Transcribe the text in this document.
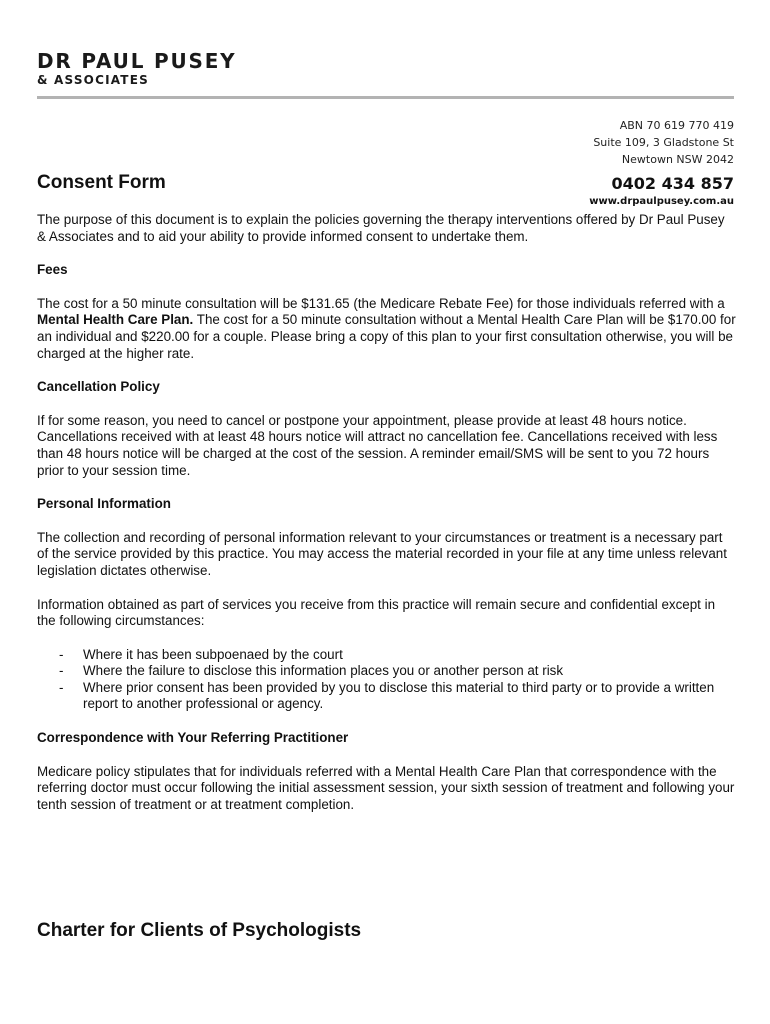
DR PAUL PUSEY
& ASSOCIATES
ABN 70 619 770 419
Suite 109, 3 Gladstone St
Newtown NSW 2042
0402 434 857
www.drpaulpusey.com.au
Consent Form

The purpose of this document is to explain the policies governing the therapy interventions offered by Dr Paul Pusey & Associates and to aid your ability to provide informed consent to undertake them.

Fees

The cost for a 50 minute consultation will be $131.65 (the Medicare Rebate Fee) for those individuals referred with a Mental Health Care Plan. The cost for a 50 minute consultation without a Mental Health Care Plan will be $170.00 for an individual and $220.00 for a couple. Please bring a copy of this plan to your first consultation otherwise, you will be charged at the higher rate.

Cancellation Policy

If for some reason, you need to cancel or postpone your appointment, please provide at least 48 hours notice. Cancellations received with at least 48 hours notice will attract no cancellation fee. Cancellations received with less than 48 hours notice will be charged at the cost of the session. A reminder email/SMS will be sent to you 72 hours prior to your session time.

Personal Information

The collection and recording of personal information relevant to your circumstances or treatment is a necessary part of the service provided by this practice. You may access the material recorded in your file at any time unless relevant legislation dictates otherwise.

Information obtained as part of services you receive from this practice will remain secure and confidential except in the following circumstances:

- Where it has been subpoenaed by the court
- Where the failure to disclose this information places you or another person at risk
- Where prior consent has been provided by you to disclose this material to third party or to provide a written report to another professional or agency.

Correspondence with Your Referring Practitioner

Medicare policy stipulates that for individuals referred with a Mental Health Care Plan that correspondence with the referring doctor must occur following the initial assessment session, your sixth session of treatment and following your tenth session of treatment or at treatment completion.

Charter for Clients of Psychologists
